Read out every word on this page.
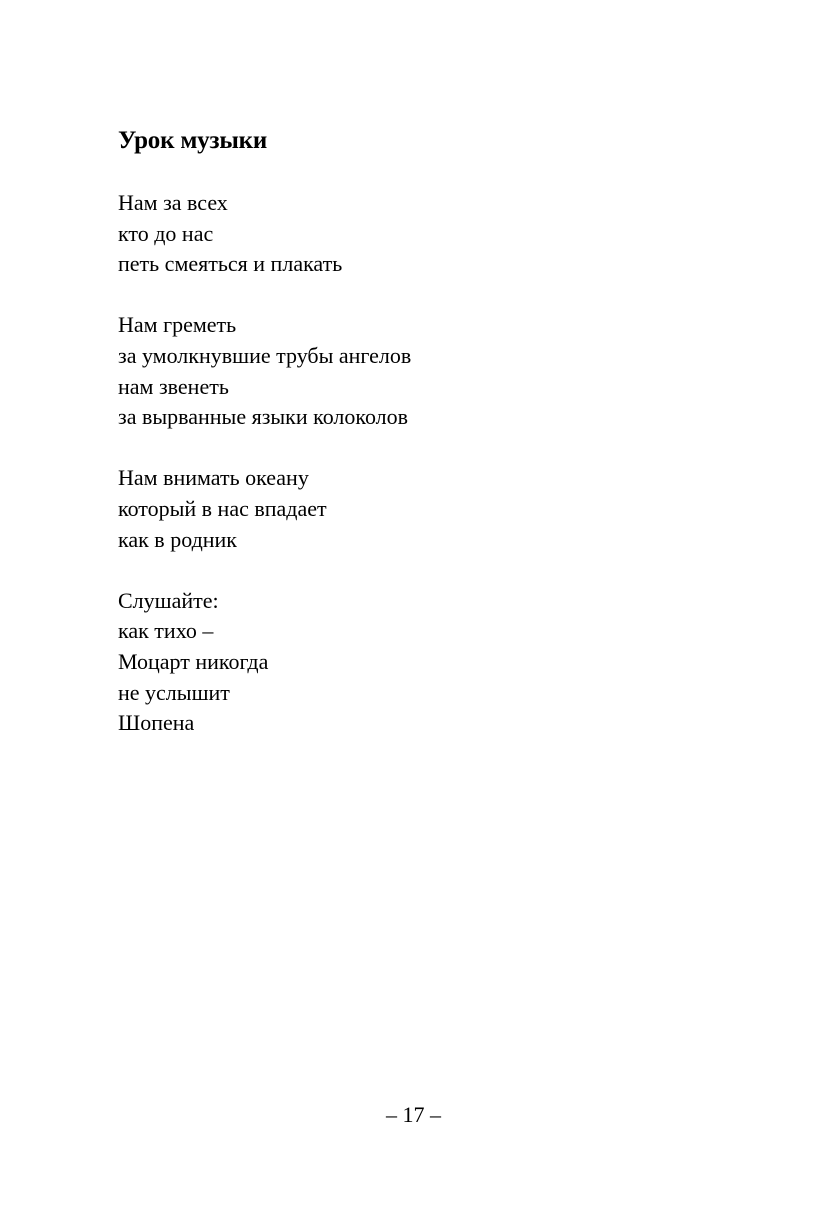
Урок музыки
Нам за всех
кто до нас
петь смеяться и плакать
Нам греметь
за умолкнувшие трубы ангелов
нам звенеть
за вырванные языки колоколов
Нам внимать океану
который в нас впадает
как в родник
Слушайте:
как тихо –
Моцарт никогда
не услышит
Шопена
– 17 –
